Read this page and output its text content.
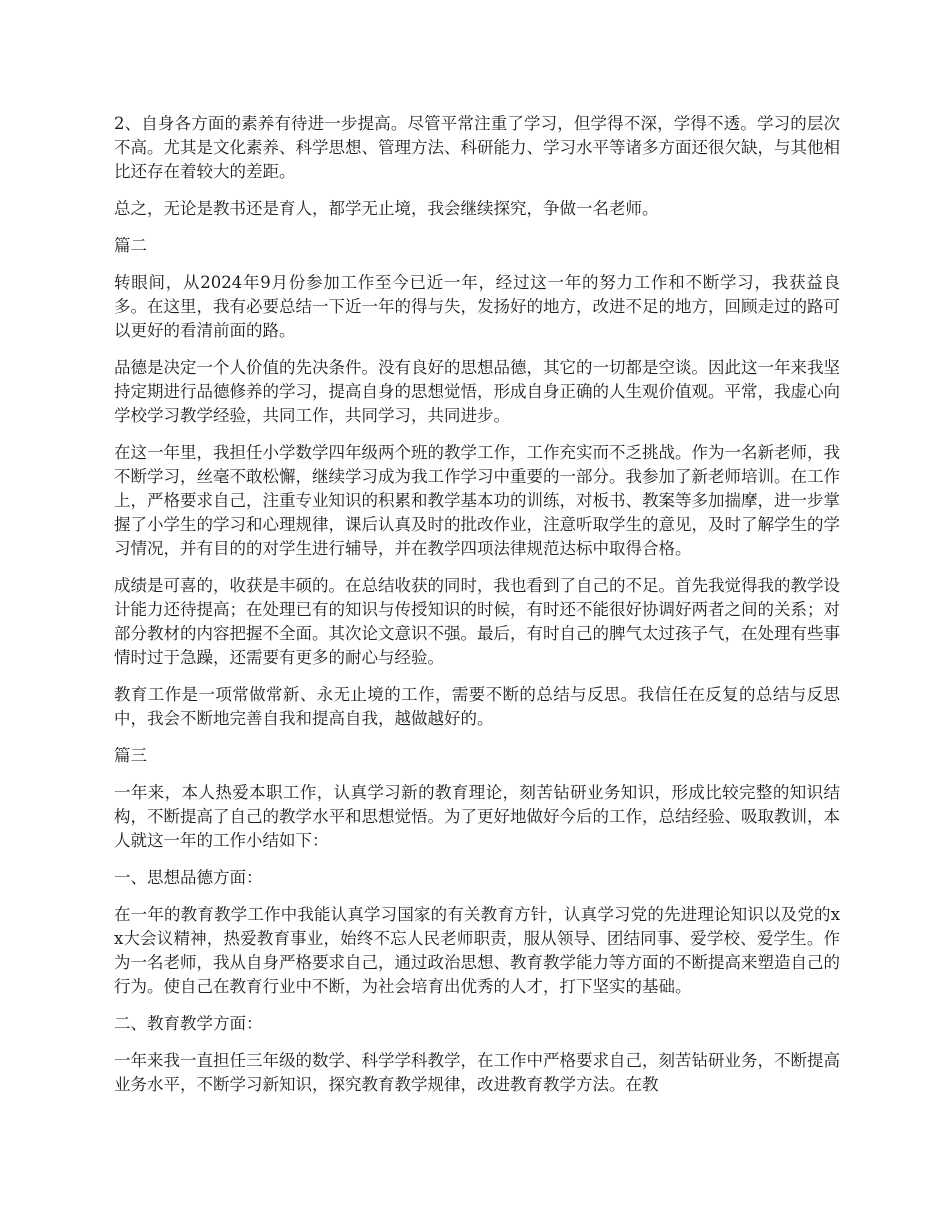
2、自身各方面的素养有待进一步提高。尽管平常注重了学习，但学得不深，学得不透。学习的层次不高。尤其是文化素养、科学思想、管理方法、科研能力、学习水平等诸多方面还很欠缺，与其他相比还存在着较大的差距。

总之，无论是教书还是育人，都学无止境，我会继续探究，争做一名老师。

篇二

转眼间，从2024年9月份参加工作至今已近一年，经过这一年的努力工作和不断学习，我获益良多。在这里，我有必要总结一下近一年的得与失，发扬好的地方，改进不足的地方，回顾走过的路可以更好的看清前面的路。

品德是决定一个人价值的先决条件。没有良好的思想品德，其它的一切都是空谈。因此这一年来我坚持定期进行品德修养的学习，提高自身的思想觉悟，形成自身正确的人生观价值观。平常，我虚心向学校学习教学经验，共同工作，共同学习，共同进步。

在这一年里，我担任小学数学四年级两个班的教学工作，工作充实而不乏挑战。作为一名新老师，我不断学习，丝毫不敢松懈，继续学习成为我工作学习中重要的一部分。我参加了新老师培训。在工作上，严格要求自己，注重专业知识的积累和教学基本功的训练，对板书、教案等多加揣摩，进一步掌握了小学生的学习和心理规律，课后认真及时的批改作业，注意听取学生的意见，及时了解学生的学习情况，并有目的的对学生进行辅导，并在教学四项法律规范达标中取得合格。

成绩是可喜的，收获是丰硕的。在总结收获的同时，我也看到了自己的不足。首先我觉得我的教学设计能力还待提高；在处理已有的知识与传授知识的时候，有时还不能很好协调好两者之间的关系；对部分教材的内容把握不全面。其次论文意识不强。最后，有时自己的脾气太过孩子气，在处理有些事情时过于急躁，还需要有更多的耐心与经验。

教育工作是一项常做常新、永无止境的工作，需要不断的总结与反思。我信任在反复的总结与反思中，我会不断地完善自我和提高自我，越做越好的。

篇三

一年来，本人热爱本职工作，认真学习新的教育理论，刻苦钻研业务知识，形成比较完整的知识结构，不断提高了自己的教学水平和思想觉悟。为了更好地做好今后的工作，总结经验、吸取教训，本人就这一年的工作小结如下：

一、思想品德方面：

在一年的教育教学工作中我能认真学习国家的有关教育方针，认真学习党的先进理论知识以及党的xx大会议精神，热爱教育事业，始终不忘人民老师职责，服从领导、团结同事、爱学校、爱学生。作为一名老师，我从自身严格要求自己，通过政治思想、教育教学能力等方面的不断提高来塑造自己的行为。使自己在教育行业中不断，为社会培育出优秀的人才，打下坚实的基础。

二、教育教学方面：

一年来我一直担任三年级的数学、科学学科教学，在工作中严格要求自己，刻苦钻研业务，不断提高业务水平，不断学习新知识，探究教育教学规律，改进教育教学方法。在教
